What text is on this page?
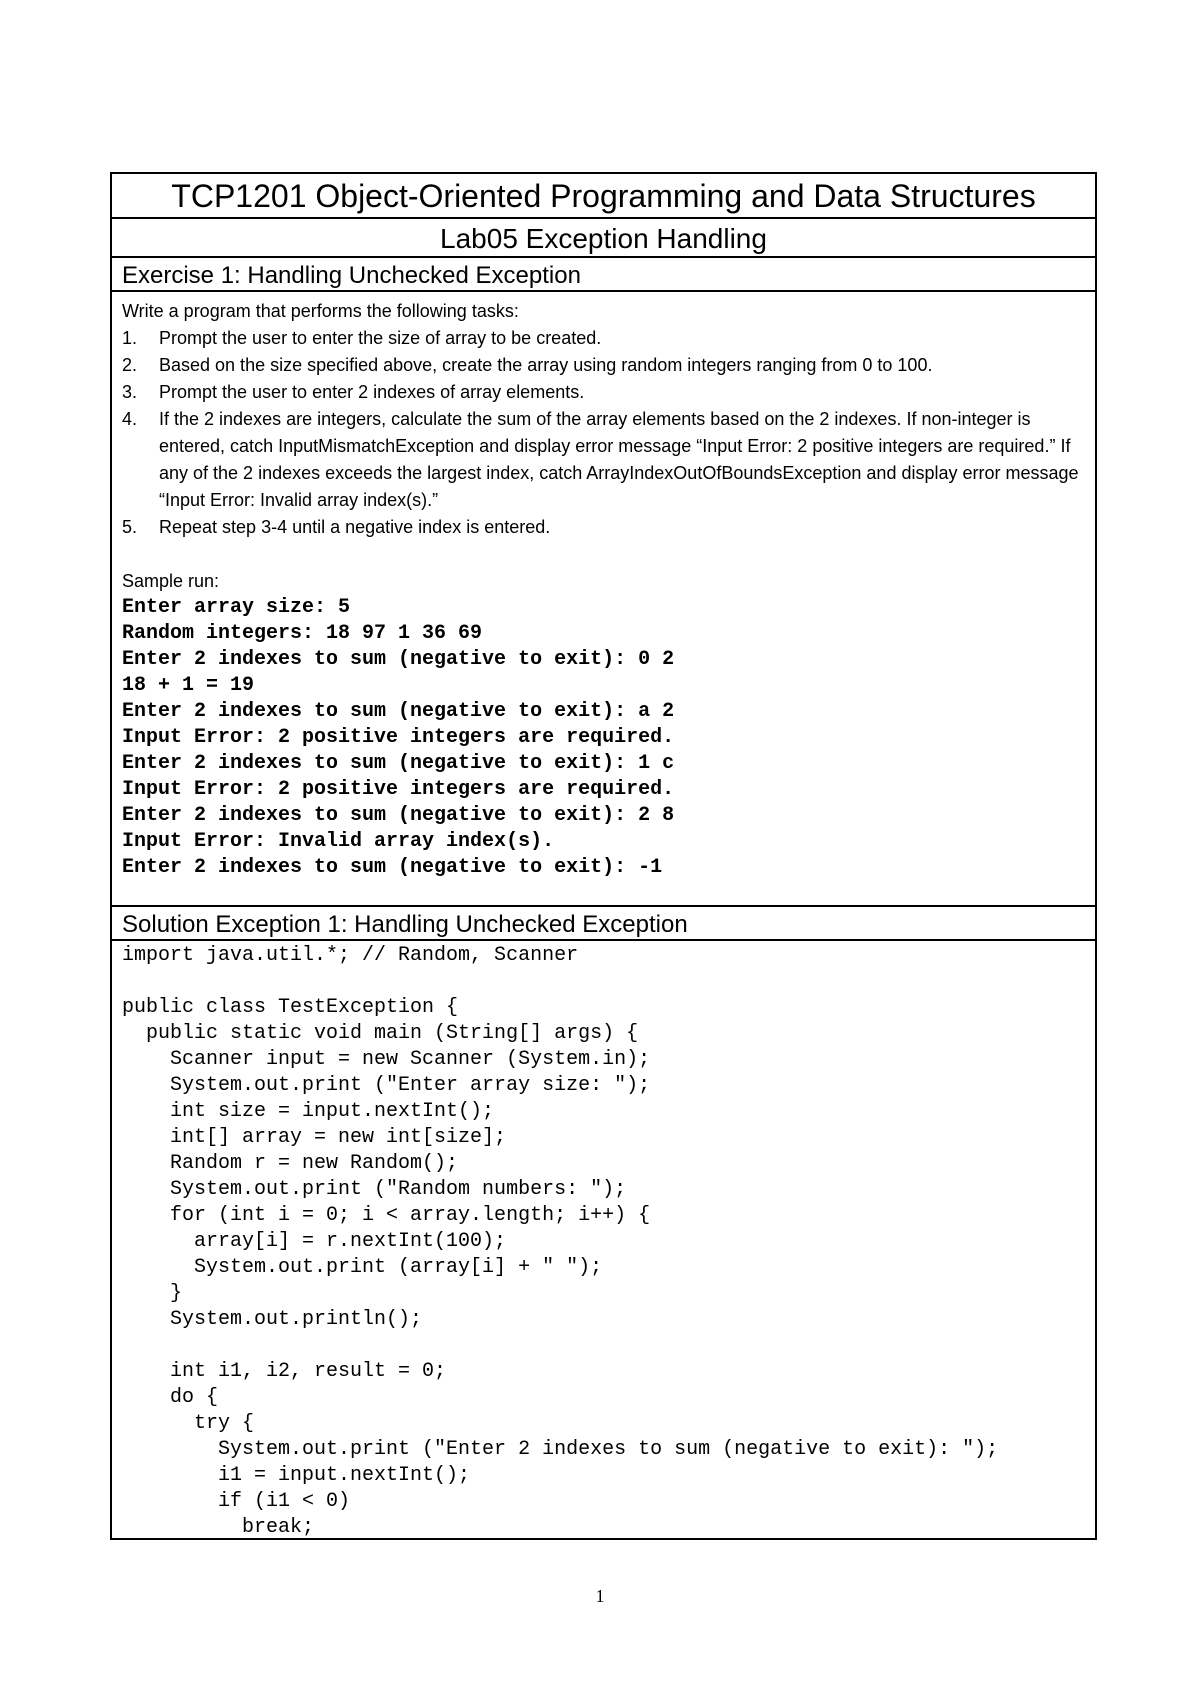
TCP1201 Object-Oriented Programming and Data Structures
Lab05 Exception Handling
Exercise 1: Handling Unchecked Exception
Write a program that performs the following tasks:
1.	Prompt the user to enter the size of array to be created.
2.	Based on the size specified above, create the array using random integers ranging from 0 to 100.
3.	Prompt the user to enter 2 indexes of array elements.
4.	If the 2 indexes are integers, calculate the sum of the array elements based on the 2 indexes. If non-integer is entered, catch InputMismatchException and display error message “Input Error: 2 positive integers are required.” If any of the 2 indexes exceeds the largest index, catch ArrayIndexOutOfBoundsException and display error message “Input Error: Invalid array index(s).”
5.	Repeat step 3-4 until a negative index is entered.
Sample run:
Enter array size: 5
Random integers: 18 97 1 36 69
Enter 2 indexes to sum (negative to exit): 0 2
18 + 1 = 19
Enter 2 indexes to sum (negative to exit): a 2
Input Error: 2 positive integers are required.
Enter 2 indexes to sum (negative to exit): 1 c
Input Error: 2 positive integers are required.
Enter 2 indexes to sum (negative to exit): 2 8
Input Error: Invalid array index(s).
Enter 2 indexes to sum (negative to exit): -1
Solution Exception 1: Handling Unchecked Exception
import java.util.*; // Random, Scanner
public class TestException {
public static void main (String[] args) {
Scanner input = new Scanner (System.in);
System.out.print ("Enter array size: ");
int size = input.nextInt();
int[] array = new int[size];
Random r = new Random();
System.out.print ("Random numbers: ");
for (int i = 0; i < array.length; i++) {
array[i] = r.nextInt(100);
System.out.print (array[i] + " ");
}
System.out.println();
int i1, i2, result = 0;
do {
try {
System.out.print ("Enter 2 indexes to sum (negative to exit): ");
i1 = input.nextInt();
if (i1 < 0)
break;
1
